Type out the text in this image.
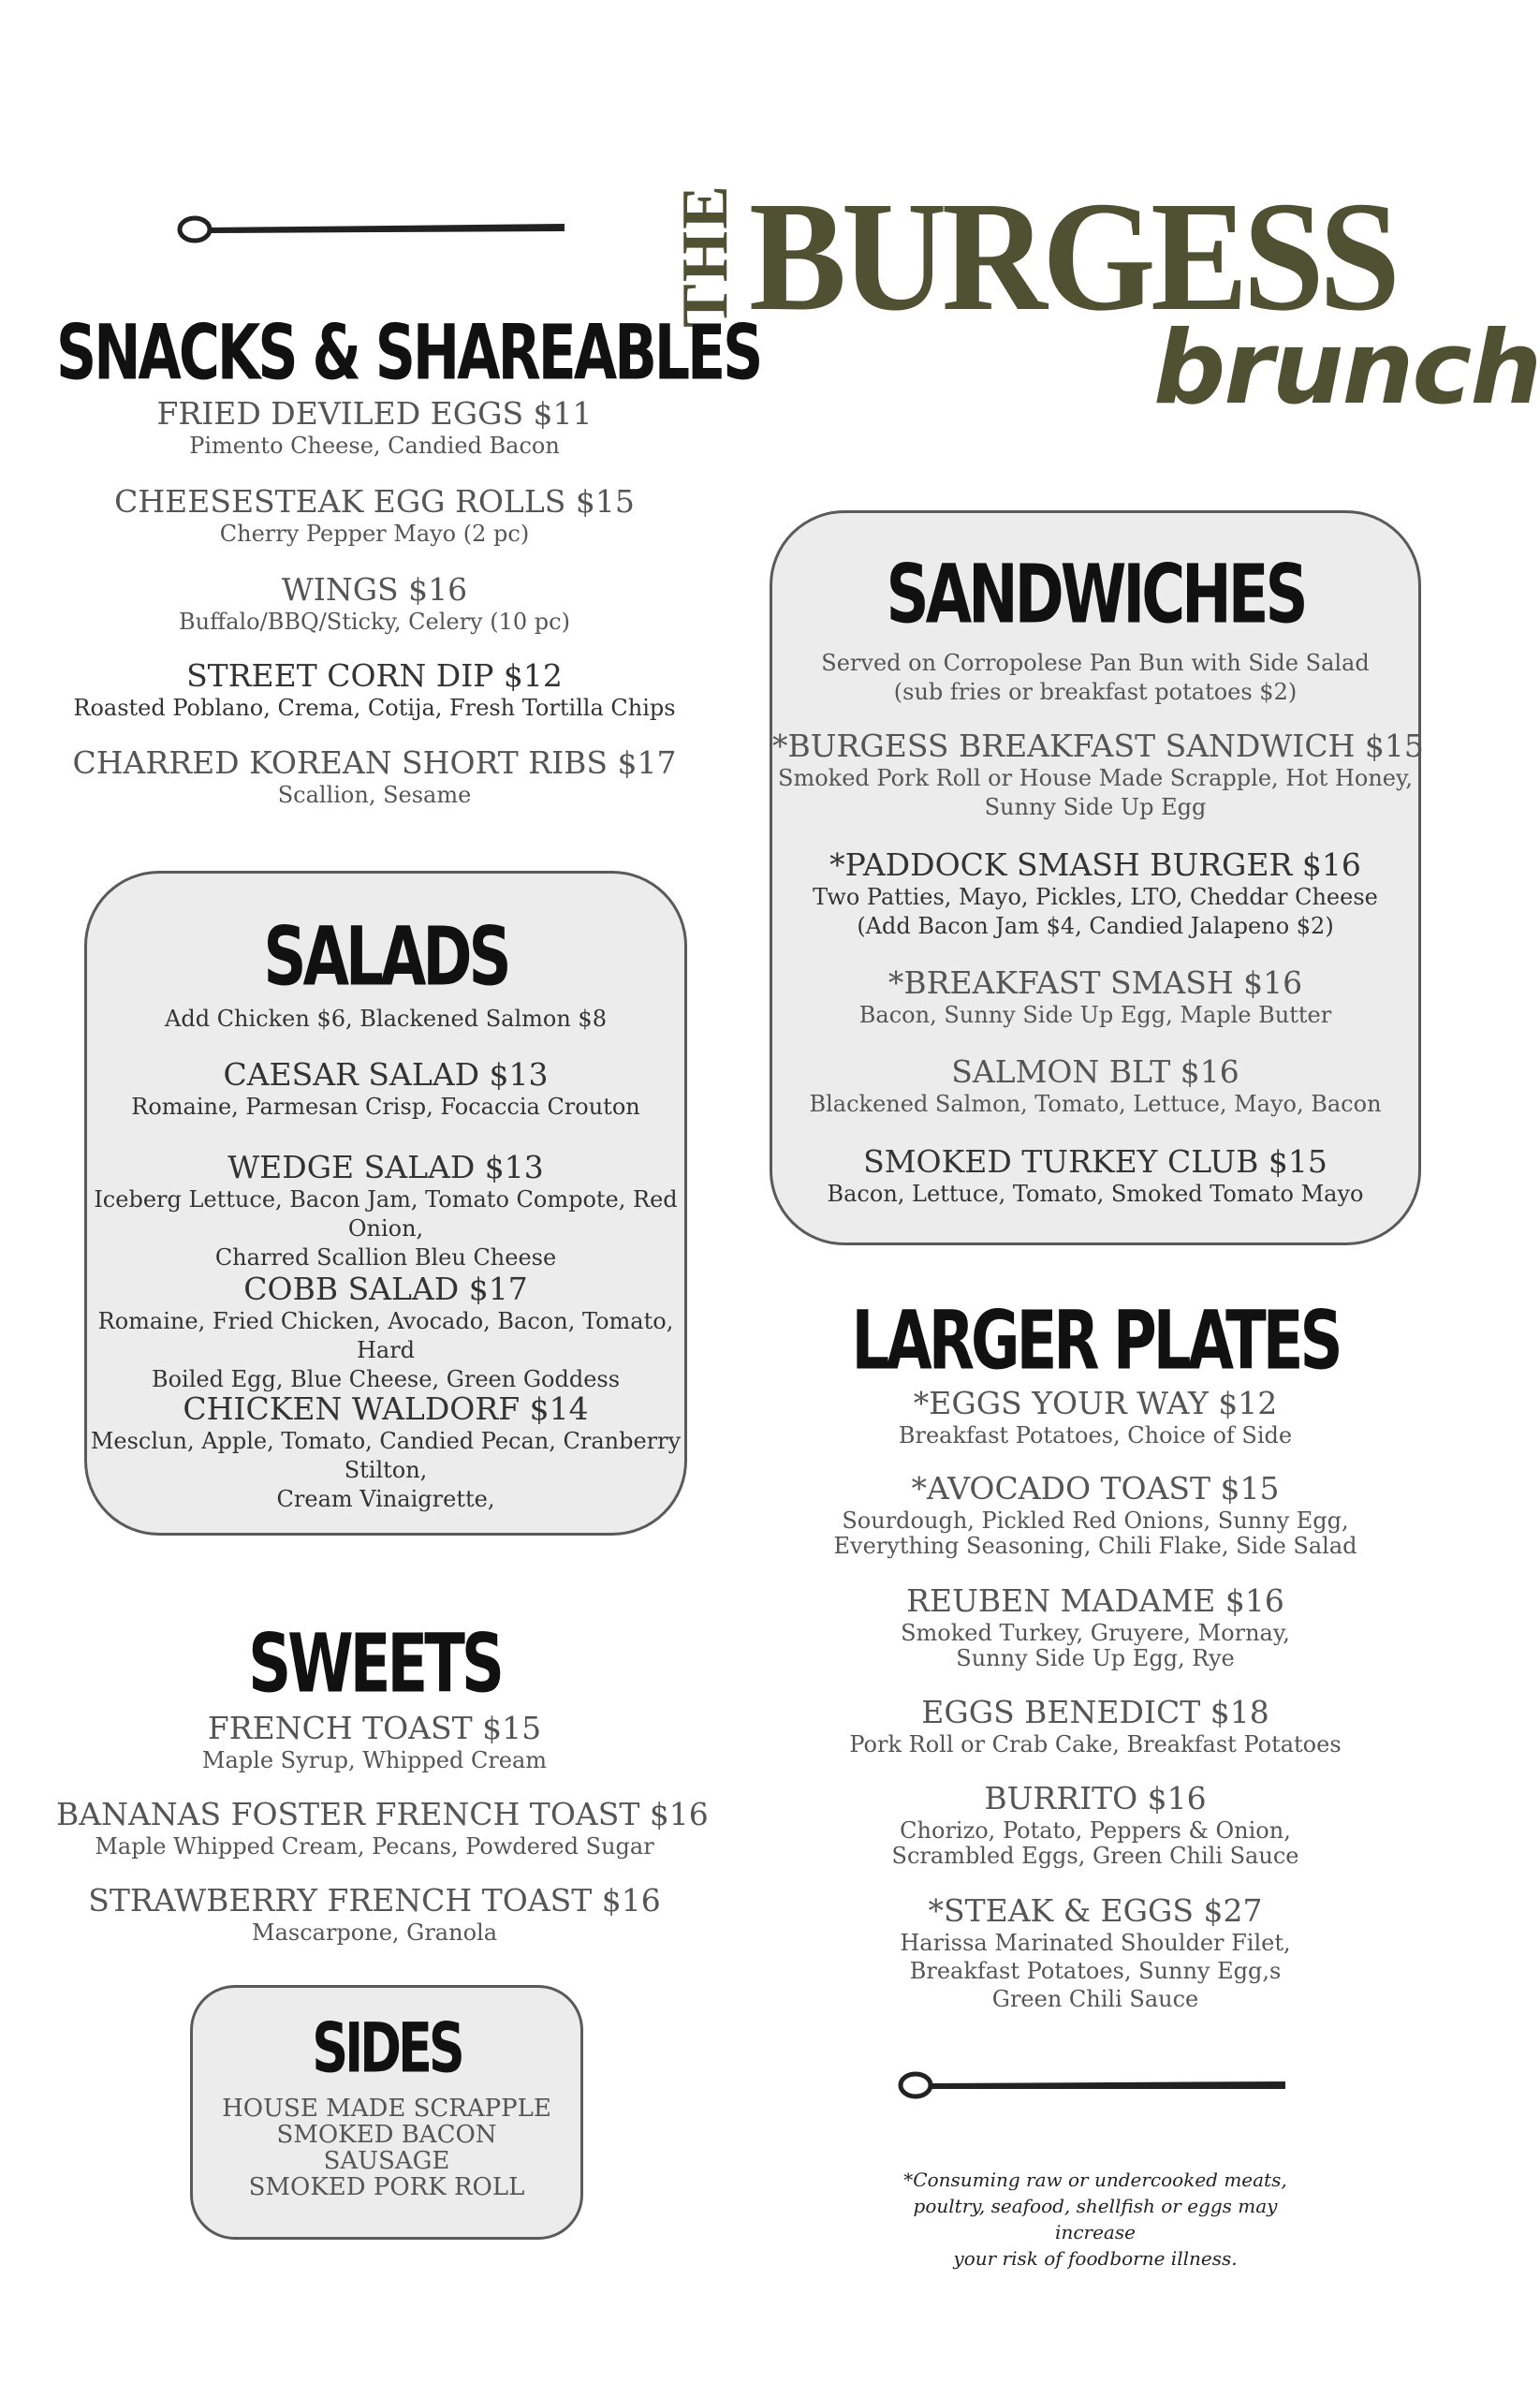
THE BURGESS
brunch
SNACKS & SHAREABLES
FRIED DEVILED EGGS $11
Pimento Cheese, Candied Bacon
CHEESESTEAK EGG ROLLS $15
Cherry Pepper Mayo (2 pc)
WINGS $16
Buffalo/BBQ/Sticky, Celery (10 pc)
STREET CORN DIP $12
Roasted Poblano, Crema, Cotija, Fresh Tortilla Chips
CHARRED KOREAN SHORT RIBS $17
Scallion, Sesame
SALADS
Add Chicken $6, Blackened Salmon $8
CAESAR SALAD $13
Romaine, Parmesan Crisp, Focaccia Crouton
WEDGE SALAD $13
Iceberg Lettuce, Bacon Jam, Tomato Compote, Red Onion,
Charred Scallion Bleu Cheese
COBB SALAD $17
Romaine, Fried Chicken, Avocado, Bacon, Tomato, Hard
Boiled Egg, Blue Cheese, Green Goddess
CHICKEN WALDORF $14
Mesclun, Apple, Tomato, Candied Pecan, Cranberry Stilton,
Cream Vinaigrette,
SWEETS
FRENCH TOAST $15
Maple Syrup, Whipped Cream
BANANAS FOSTER FRENCH TOAST $16
Maple Whipped Cream, Pecans, Powdered Sugar
STRAWBERRY FRENCH TOAST $16
Mascarpone, Granola
SIDES
HOUSE MADE SCRAPPLE
SMOKED BACON
SAUSAGE
SMOKED PORK ROLL
SANDWICHES
Served on Corropolese Pan Bun with Side Salad
(sub fries or breakfast potatoes $2)
*BURGESS BREAKFAST SANDWICH $15
Smoked Pork Roll or House Made Scrapple, Hot Honey,
Sunny Side Up Egg
*PADDOCK SMASH BURGER $16
Two Patties, Mayo, Pickles, LTO, Cheddar Cheese
(Add Bacon Jam $4, Candied Jalapeno $2)
*BREAKFAST SMASH $16
Bacon, Sunny Side Up Egg, Maple Butter
SALMON BLT $16
Blackened Salmon, Tomato, Lettuce, Mayo, Bacon
SMOKED TURKEY CLUB $15
Bacon, Lettuce, Tomato, Smoked Tomato Mayo
LARGER PLATES
*EGGS YOUR WAY $12
Breakfast Potatoes, Choice of Side
*AVOCADO TOAST $15
Sourdough, Pickled Red Onions, Sunny Egg,
Everything Seasoning, Chili Flake, Side Salad
REUBEN MADAME $16
Smoked Turkey, Gruyere, Mornay,
Sunny Side Up Egg, Rye
EGGS BENEDICT $18
Pork Roll or Crab Cake, Breakfast Potatoes
BURRITO $16
Chorizo, Potato, Peppers & Onion,
Scrambled Eggs, Green Chili Sauce
*STEAK & EGGS $27
Harissa Marinated Shoulder Filet,
Breakfast Potatoes, Sunny Egg,s
Green Chili Sauce
*Consuming raw or undercooked meats,
poultry, seafood, shellfish or eggs may increase
your risk of foodborne illness.
